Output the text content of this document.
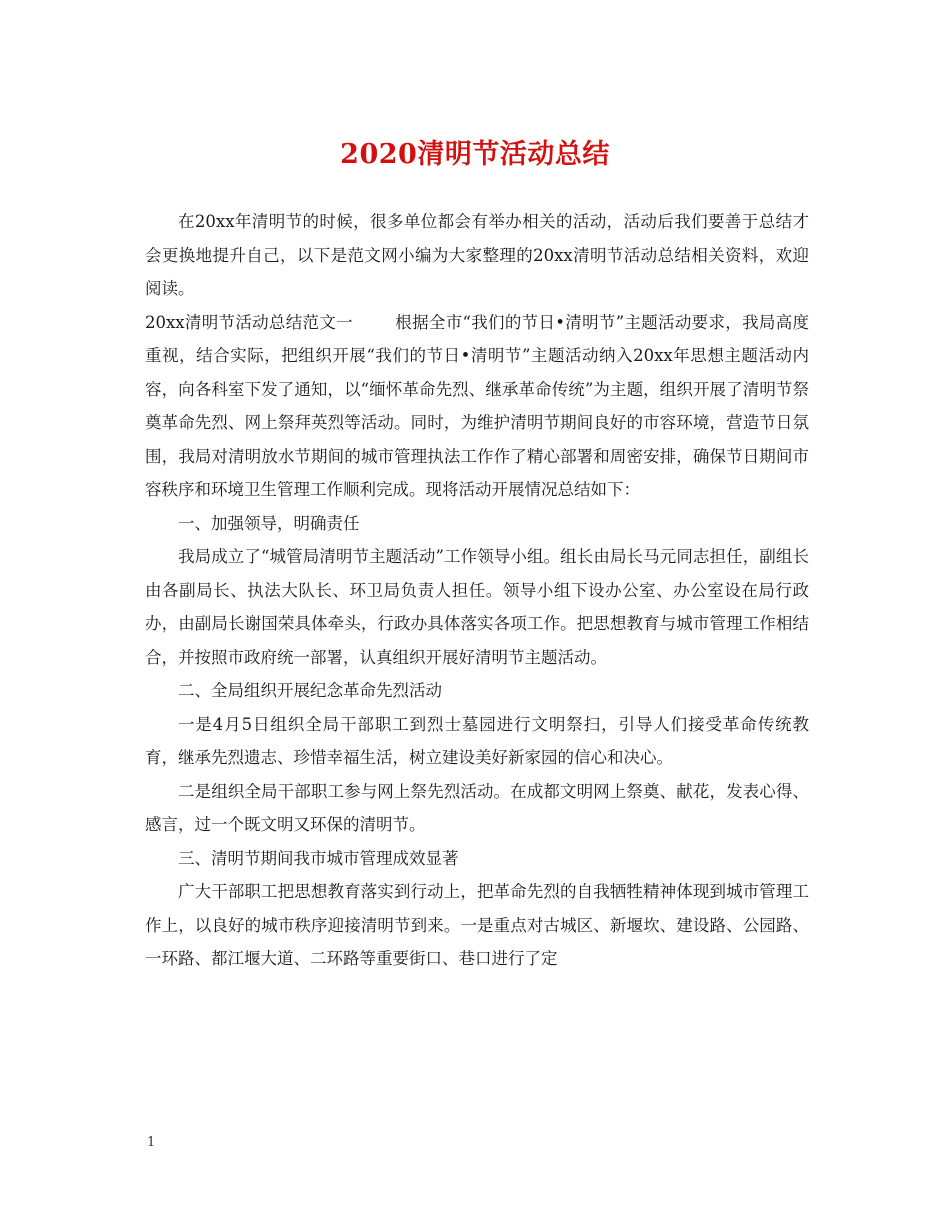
2020清明节活动总结

在20xx年清明节的时候，很多单位都会有举办相关的活动，活动后我们要善于总结才会更换地提升自己，以下是范文网小编为大家整理的20xx清明节活动总结相关资料，欢迎阅读。

20xx清明节活动总结范文一	根据全市“我们的节日•清明节”主题活动要求，我局高度重视，结合实际，把组织开展“我们的节日•清明节”主题活动纳入20xx年思想主题活动内容，向各科室下发了通知，以“缅怀革命先烈、继承革命传统”为主题，组织开展了清明节祭奠革命先烈、网上祭拜英烈等活动。同时，为维护清明节期间良好的市容环境，营造节日氛围，我局对清明放水节期间的城市管理执法工作作了精心部署和周密安排，确保节日期间市容秩序和环境卫生管理工作顺利完成。现将活动开展情况总结如下：

一、加强领导，明确责任

我局成立了“城管局清明节主题活动”工作领导小组。组长由局长马元同志担任，副组长由各副局长、执法大队长、环卫局负责人担任。领导小组下设办公室、办公室设在局行政办，由副局长谢国荣具体牵头，行政办具体落实各项工作。把思想教育与城市管理工作相结合，并按照市政府统一部署，认真组织开展好清明节主题活动。

二、全局组织开展纪念革命先烈活动

一是4月5日组织全局干部职工到烈士墓园进行文明祭扫，引导人们接受革命传统教育，继承先烈遗志、珍惜幸福生活，树立建设美好新家园的信心和决心。

二是组织全局干部职工参与网上祭先烈活动。在成都文明网上祭奠、献花，发表心得、感言，过一个既文明又环保的清明节。

三、清明节期间我市城市管理成效显著

广大干部职工把思想教育落实到行动上，把革命先烈的自我牺牲精神体现到城市管理工作上，以良好的城市秩序迎接清明节到来。一是重点对古城区、新堰坎、建设路、公园路、一环路、都江堰大道、二环路等重要街口、巷口进行了定

1
